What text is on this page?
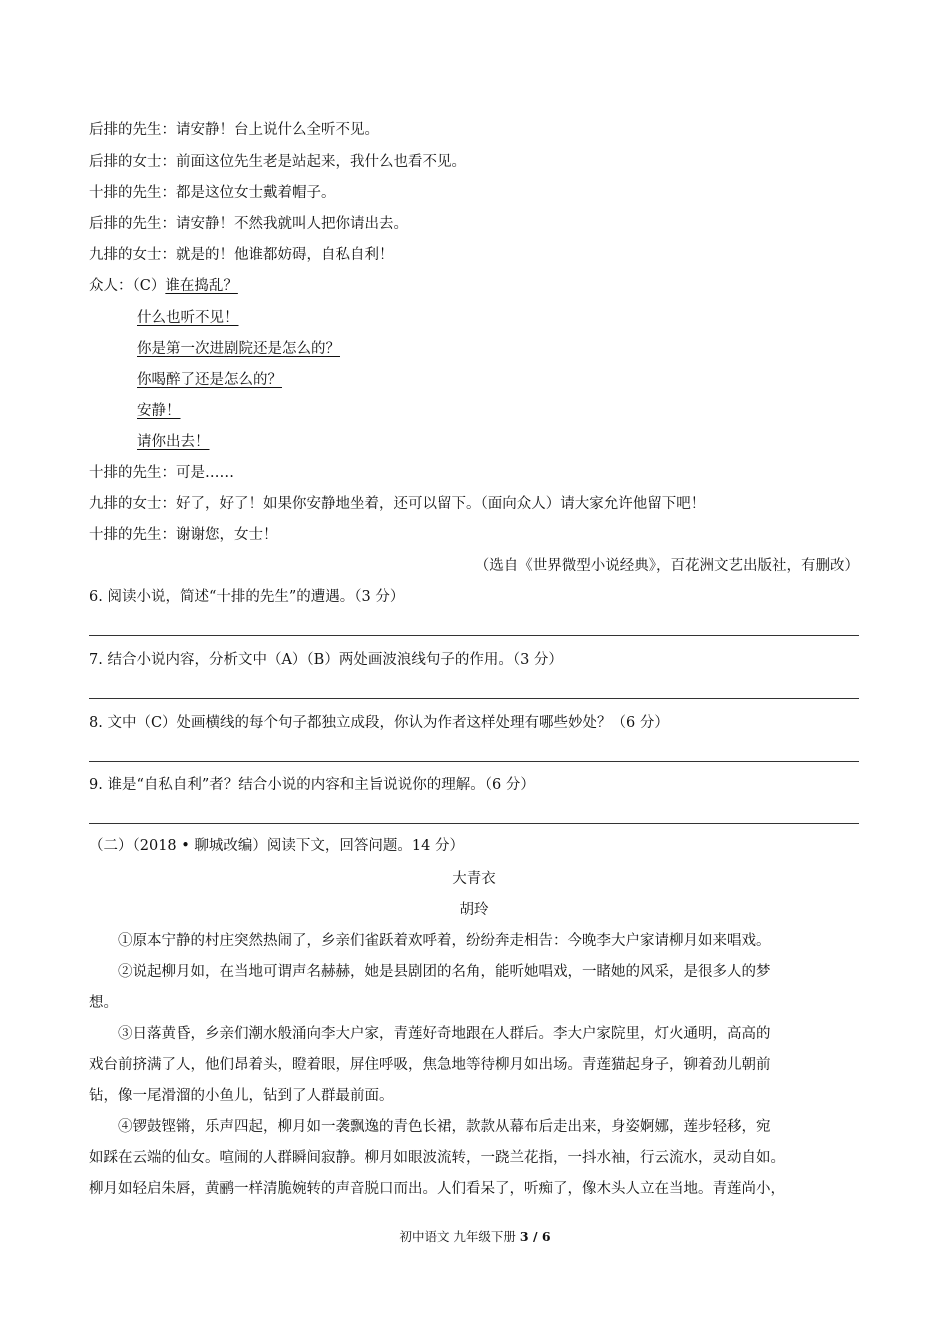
后排的先生：请安静！台上说什么全听不见。
后排的女士：前面这位先生老是站起来，我什么也看不见。
十排的先生：都是这位女士戴着帽子。
后排的先生：请安静！不然我就叫人把你请出去。
九排的女士：就是的！他谁都妨碍，自私自利！
众人：（C）谁在捣乱？
什么也听不见！
你是第一次进剧院还是怎么的？
你喝醉了还是怎么的？
安静！
请你出去！
十排的先生：可是……
九排的女士：好了，好了！如果你安静地坐着，还可以留下。（面向众人）请大家允许他留下吧！
十排的先生：谢谢您，女士！
（选自《世界微型小说经典》，百花洲文艺出版社，有删改）
6. 阅读小说，简述“十排的先生”的遭遇。（3 分）
7. 结合小说内容，分析文中（A）（B）两处画波浪线句子的作用。（3 分）
8. 文中（C）处画横线的每个句子都独立成段，你认为作者这样处理有哪些妙处？（6 分）
9. 谁是“自私自利”者？结合小说的内容和主旨说说你的理解。（6 分）
（二）（2018 • 聊城改编）阅读下文，回答问题。14 分）
大青衣
胡玲
①原本宁静的村庄突然热闹了，乡亲们雀跃着欢呼着，纷纷奔走相告：今晚李大户家请柳月如来唱戏。
②说起柳月如，在当地可谓声名赫赫，她是县剧团的名角，能听她唱戏，一睹她的风采，是很多人的梦
想。
③日落黄昏，乡亲们潮水般涌向李大户家，青莲好奇地跟在人群后。李大户家院里，灯火通明，高高的
戏台前挤满了人，他们昂着头，瞪着眼，屏住呼吸，焦急地等待柳月如出场。青莲猫起身子，铆着劲儿朝前
钻，像一尾滑溜的小鱼儿，钻到了人群最前面。
④锣鼓铿锵，乐声四起，柳月如一袭飘逸的青色长裙，款款从幕布后走出来，身姿婀娜，莲步轻移，宛
如踩在云端的仙女。喧闹的人群瞬间寂静。柳月如眼波流转，一跷兰花指，一抖水袖，行云流水，灵动自如。
柳月如轻启朱唇，黄鹂一样清脆婉转的声音脱口而出。人们看呆了，听痴了，像木头人立在当地。青莲尚小，
初中语文 九年级下册 3 / 6
